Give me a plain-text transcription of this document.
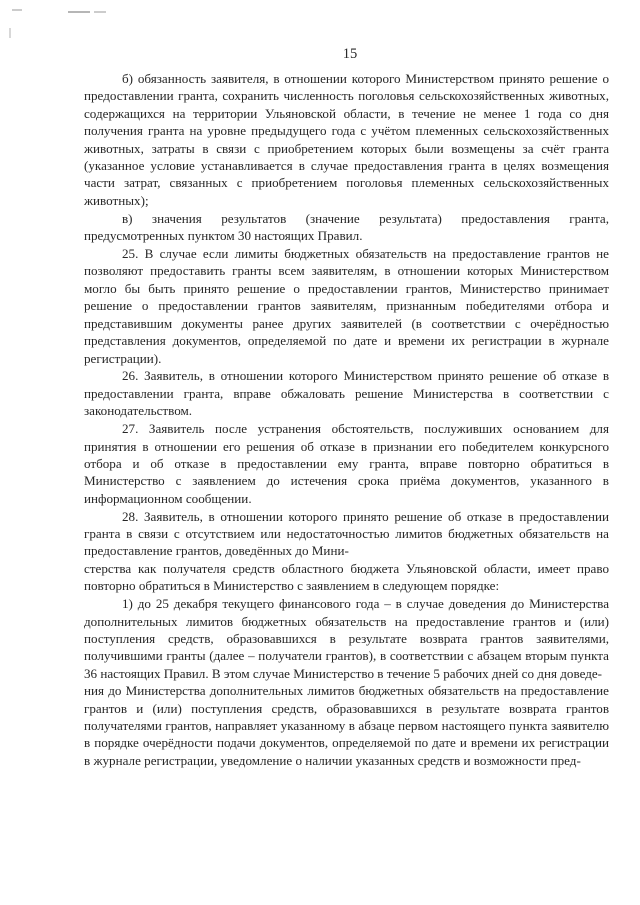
15

б) обязанность заявителя, в отношении которого Министерством принято решение о предоставлении гранта, сохранить численность поголовья сельскохозяйственных животных, содержащихся на территории Ульяновской области, в течение не менее 1 года со дня получения гранта на уровне предыдущего года с учётом племенных сельскохозяйственных животных, затраты в связи с приобретением которых были возмещены за счёт гранта (указанное условие устанавливается в случае предоставления гранта в целях возмещения части затрат, связанных с приобретением поголовья племенных сельскохозяйственных животных);

в) значения результатов (значение результата) предоставления гранта, предусмотренных пунктом 30 настоящих Правил.

25. В случае если лимиты бюджетных обязательств на предоставление грантов не позволяют предоставить гранты всем заявителям, в отношении которых Министерством могло бы быть принято решение о предоставлении грантов, Министерство принимает решение о предоставлении грантов заявителям, признанным победителями отбора и представившим документы ранее других заявителей (в соответствии с очерёдностью представления документов, определяемой по дате и времени их регистрации в журнале регистрации).

26. Заявитель, в отношении которого Министерством принято решение об отказе в предоставлении гранта, вправе обжаловать решение Министерства в соответствии с законодательством.

27. Заявитель после устранения обстоятельств, послуживших основанием для принятия в отношении его решения об отказе в признании его победителем конкурсного отбора и об отказе в предоставлении ему гранта, вправе повторно обратиться в Министерство с заявлением до истечения срока приёма документов, указанного в информационном сообщении.

28. Заявитель, в отношении которого принято решение об отказе в предоставлении гранта в связи с отсутствием или недостаточностью лимитов бюджетных обязательств на предоставление грантов, доведённых до Мини-
стерства как получателя средств областного бюджета Ульяновской области, имеет право повторно обратиться в Министерство с заявлением в следующем порядке:

1) до 25 декабря текущего финансового года – в случае доведения до Министерства дополнительных лимитов бюджетных обязательств на предоставление грантов и (или) поступления средств, образовавшихся в результате возврата грантов заявителями, получившими гранты (далее – получатели грантов), в соответствии с абзацем вторым пункта 36 настоящих Правил. В этом случае Министерство в течение 5 рабочих дней со дня доведе-
ния до Министерства дополнительных лимитов бюджетных обязательств на предоставление грантов и (или) поступления средств, образовавшихся в результате возврата грантов получателями грантов, направляет указанному в абзаце первом настоящего пункта заявителю в порядке очерёдности подачи документов, определяемой по дате и времени их регистрации в журнале регистрации, уведомление о наличии указанных средств и возможности пред-
